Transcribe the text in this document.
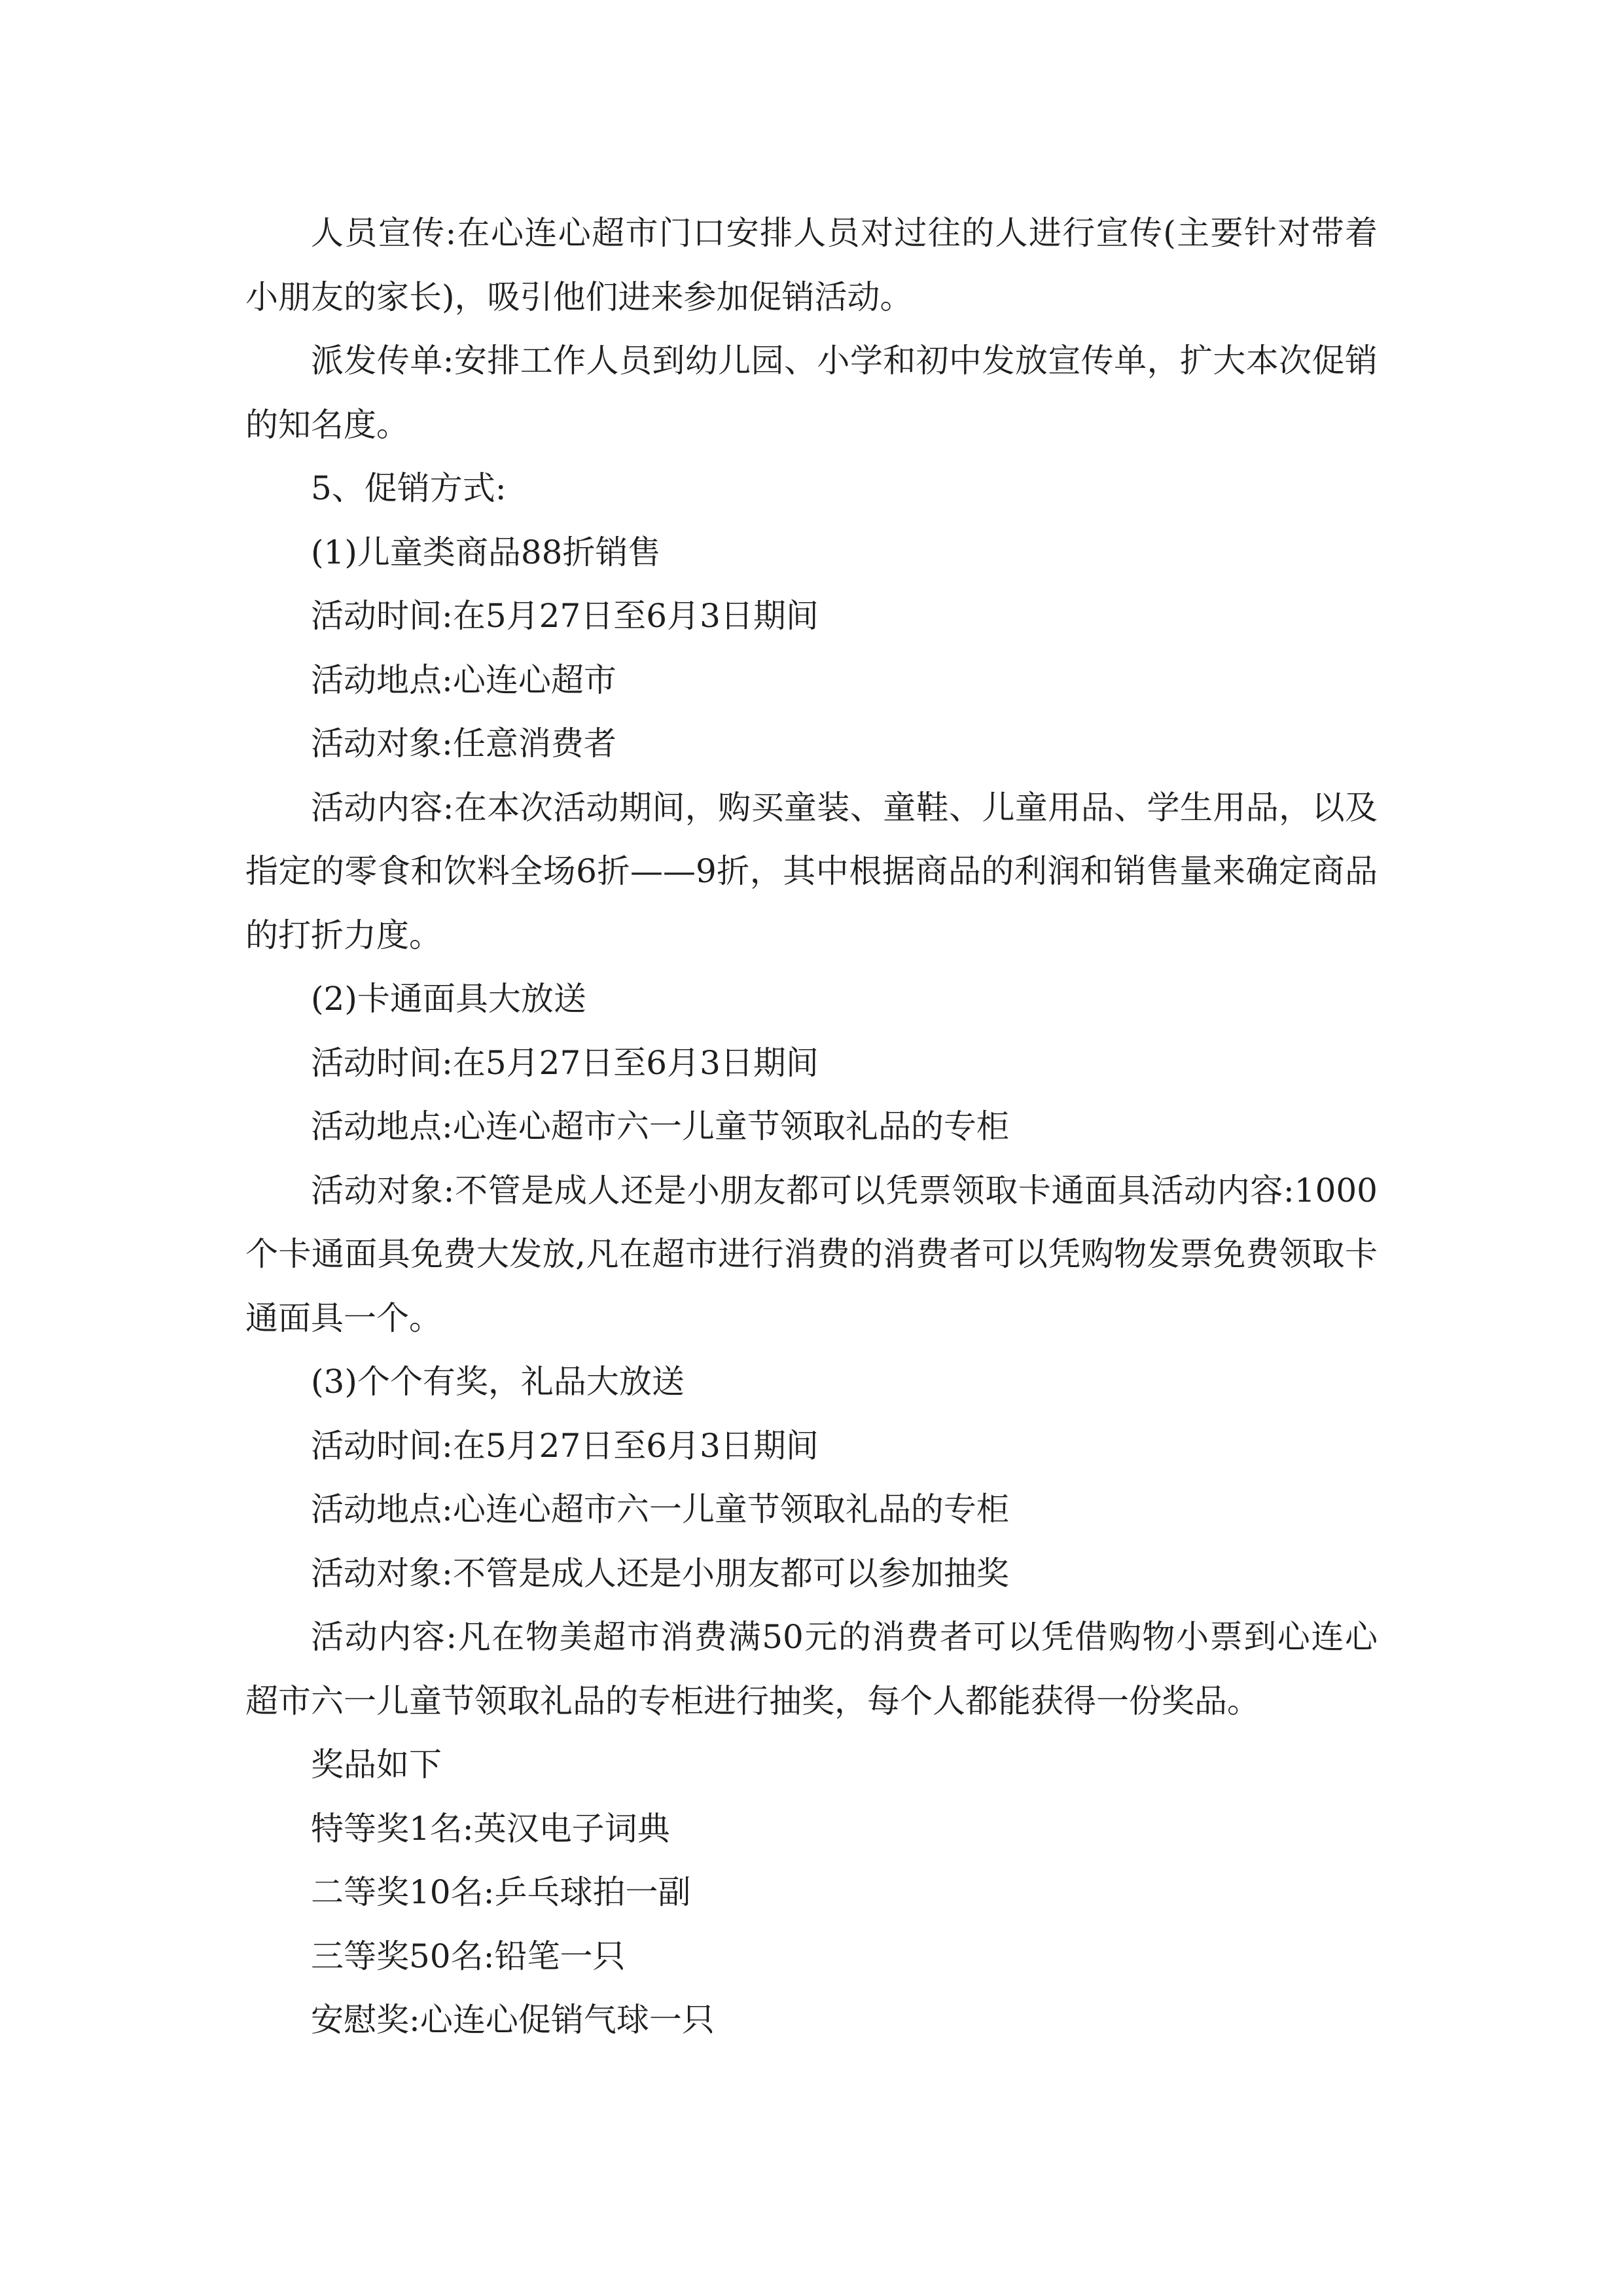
人员宣传:在心连心超市门口安排人员对过往的人进行宣传(主要针对带着小朋友的家长)，吸引他们进来参加促销活动。

派发传单:安排工作人员到幼儿园、小学和初中发放宣传单，扩大本次促销的知名度。

5、促销方式:

(1)儿童类商品88折销售

活动时间:在5月27日至6月3日期间

活动地点:心连心超市

活动对象:任意消费者

活动内容:在本次活动期间，购买童装、童鞋、儿童用品、学生用品，以及指定的零食和饮料全场6折——9折，其中根据商品的利润和销售量来确定商品的打折力度。

(2)卡通面具大放送

活动时间:在5月27日至6月3日期间

活动地点:心连心超市六一儿童节领取礼品的专柜

活动对象:不管是成人还是小朋友都可以凭票领取卡通面具活动内容:1000个卡通面具免费大发放,凡在超市进行消费的消费者可以凭购物发票免费领取卡通面具一个。

(3)个个有奖，礼品大放送

活动时间:在5月27日至6月3日期间

活动地点:心连心超市六一儿童节领取礼品的专柜

活动对象:不管是成人还是小朋友都可以参加抽奖

活动内容:凡在物美超市消费满50元的消费者可以凭借购物小票到心连心超市六一儿童节领取礼品的专柜进行抽奖，每个人都能获得一份奖品。

奖品如下

特等奖1名:英汉电子词典

二等奖10名:乒乓球拍一副

三等奖50名:铅笔一只

安慰奖:心连心促销气球一只
